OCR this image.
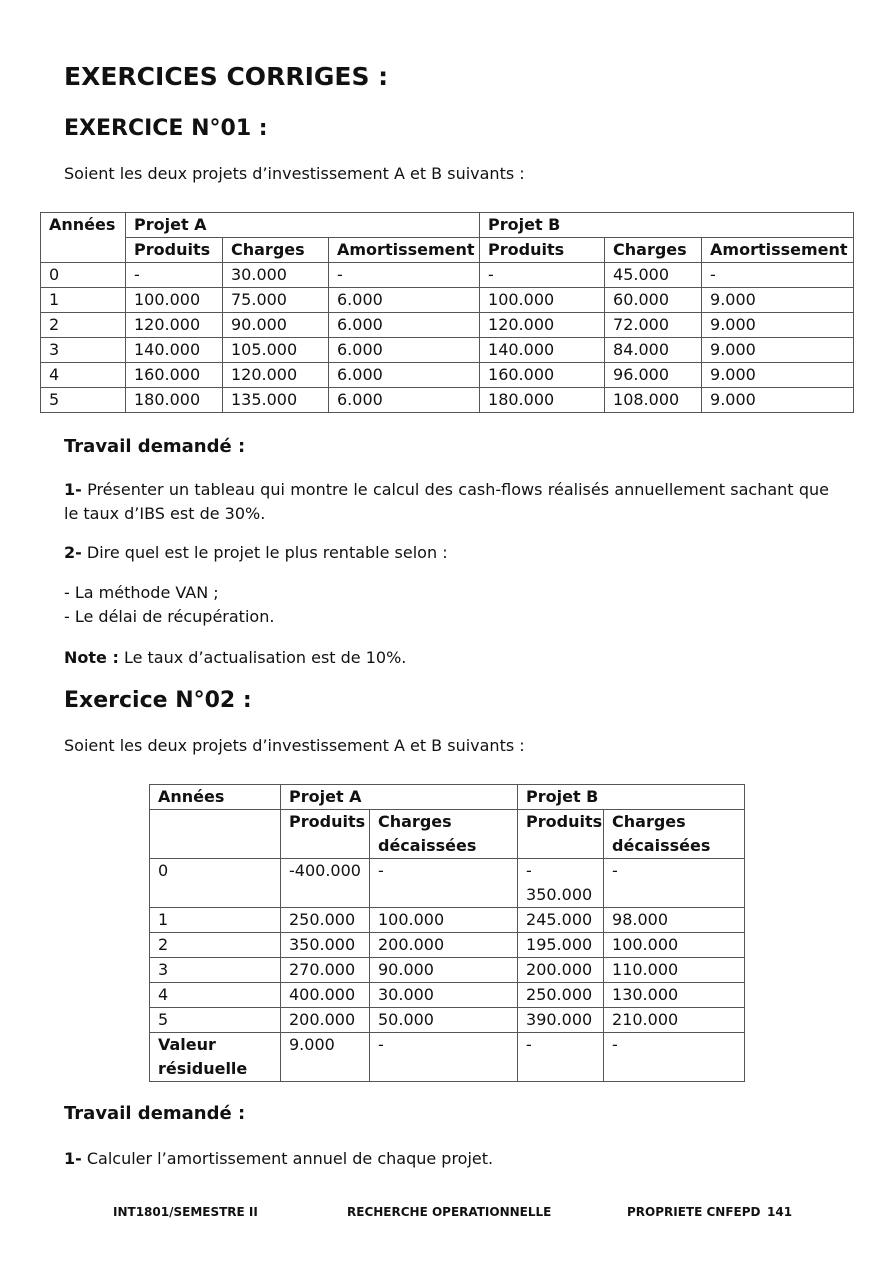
EXERCICES CORRIGES :
EXERCICE N°01 :

Soient les deux projets d’investissement A et B suivants :

Années	Projet A			Projet B		
	Produits	Charges	Amortissement	Produits	Charges	Amortissement
0	-	30.000	-	-	45.000	-
1	100.000	75.000	6.000	100.000	60.000	9.000
2	120.000	90.000	6.000	120.000	72.000	9.000
3	140.000	105.000	6.000	140.000	84.000	9.000
4	160.000	120.000	6.000	160.000	96.000	9.000
5	180.000	135.000	6.000	180.000	108.000	9.000
Travail demandé :

1- Présenter un tableau qui montre le calcul des cash-flows réalisés annuellement sachant que le taux d’IBS est de 30%.

2- Dire quel est le projet le plus rentable selon :

- La méthode VAN ;

- Le délai de récupération.

Note : Le taux d’actualisation est de 10%.

Exercice N°02 :

Soient les deux projets d’investissement A et B suivants :

Années	Projet A		Projet B	
	Produits	Charges décaissées	Produits	Charges décaissées
0	-400.000	-	- 350.000	-
1	250.000	100.000	245.000	98.000
2	350.000	200.000	195.000	100.000
3	270.000	90.000	200.000	110.000
4	400.000	30.000	250.000	130.000
5	200.000	50.000	390.000	210.000
Valeur résiduelle	9.000	-	-	-
Travail demandé :

1- Calculer l’amortissement annuel de chaque projet.

INT1801/SEMESTRE II	RECHERCHE OPERATIONNELLE	PROPRIETE CNFEPD 141
